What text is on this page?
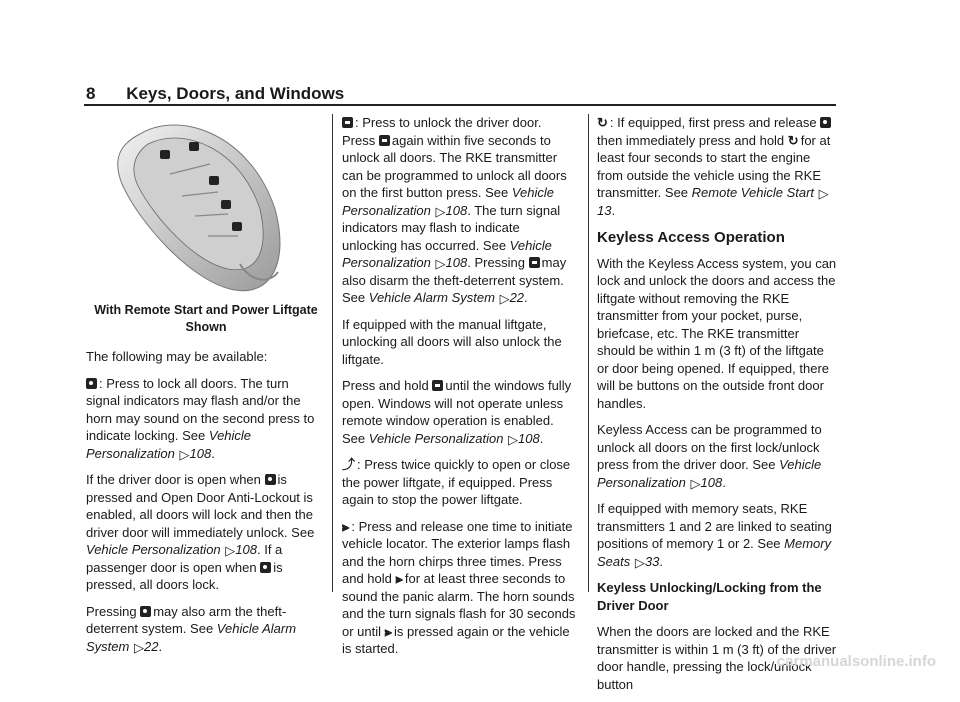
8 Keys, Doors, and Windows
With Remote Start and Power Liftgate Shown

The following may be available:

: Press to lock all doors. The turn signal indicators may flash and/or the horn may sound on the second press to indicate locking. See Vehicle Personalization ▷108.

If the driver door is open when is pressed and Open Door Anti-Lockout is enabled, all doors will lock and then the driver door will immediately unlock. See Vehicle Personalization ▷108. If a passenger door is open when is pressed, all doors lock.

Pressing may also arm the theft-deterrent system. See Vehicle Alarm System ▷22.

: Press to unlock the driver door. Press again within five seconds to unlock all doors. The RKE transmitter can be programmed to unlock all doors on the first button press. See Vehicle Personalization ▷108. The turn signal indicators may flash to indicate unlocking has occurred. See Vehicle Personalization ▷108. Pressing may also disarm the theft-deterrent system. See Vehicle Alarm System ▷22.

If equipped with the manual liftgate, unlocking all doors will also unlock the liftgate.

Press and hold until the windows fully open. Windows will not operate unless remote window operation is enabled. See Vehicle Personalization ▷108.

⤴ : Press twice quickly to open or close the power liftgate, if equipped. Press again to stop the power liftgate.

⫸ : Press and release one time to initiate vehicle locator. The exterior lamps flash and the horn chirps three times. Press and hold ⫸ for at least three seconds to sound the panic alarm. The horn sounds and the turn signals flash for 30 seconds or until ⫸ is pressed again or the vehicle is started.

↻ : If equipped, first press and release then immediately press and hold ↻ for at least four seconds to start the engine from outside the vehicle using the RKE transmitter. See Remote Vehicle Start ▷13.

Keyless Access Operation

With the Keyless Access system, you can lock and unlock the doors and access the liftgate without removing the RKE transmitter from your pocket, purse, briefcase, etc. The RKE transmitter should be within 1 m (3 ft) of the liftgate or door being opened. If equipped, there will be buttons on the outside front door handles.

Keyless Access can be programmed to unlock all doors on the first lock/unlock press from the driver door. See Vehicle Personalization ▷108.

If equipped with memory seats, RKE transmitters 1 and 2 are linked to seating positions of memory 1 or 2. See Memory Seats ▷33.

Keyless Unlocking/Locking from the Driver Door

When the doors are locked and the RKE transmitter is within 1 m (3 ft) of the driver door handle, pressing the lock/unlock button

carmanualsonline.info
